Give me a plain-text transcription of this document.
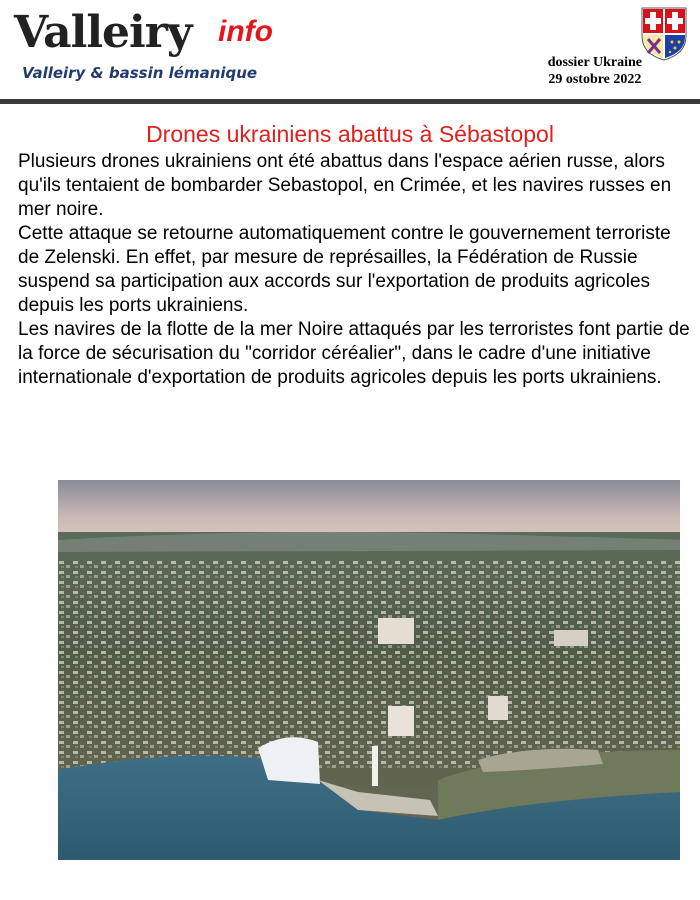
Valleiry info
Valleiry & bassin lémanique
dossier Ukraine
29 ostobre 2022
Drones ukrainiens abattus à Sébastopol

Plusieurs drones ukrainiens ont été abattus dans l'espace aérien russe, alors qu'ils tentaient de bombarder Sebastopol, en Crimée, et les navires russes en mer noire.

Cette attaque se retourne automatiquement contre le gouvernement terroriste de Zelenski. En effet, par mesure de représailles, la Fédération de Russie suspend sa participation aux accords sur l'exportation de produits agricoles depuis les ports ukrainiens.

Les navires de la flotte de la mer Noire attaqués par les terroristes font partie de la force de sécurisation du "corridor céréalier", dans le cadre d'une initiative internationale d'exportation de produits agricoles depuis les ports ukrainiens.
